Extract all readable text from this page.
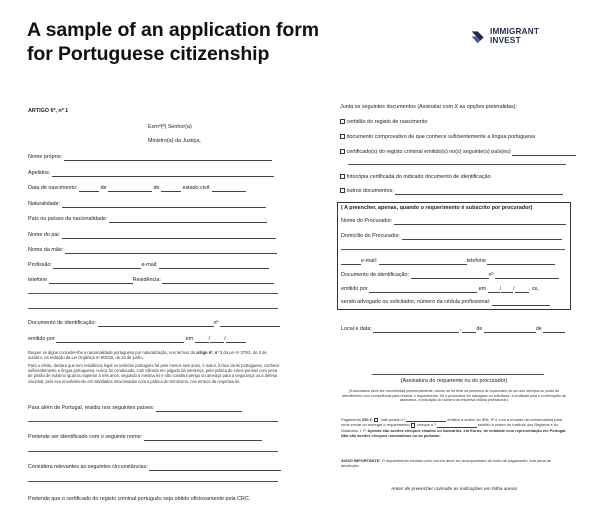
A sample of an application form
for Portuguese citizenship
IMMIGRANT
INVEST
ARTIGO 6º, nº 1
Exmº(ª) Senhor(a)
Ministro(a) da Justiça,
Nome próprio:
Apelidos:
Data de nascimento:	de	de	estado civil:
Naturalidade:
País ou países da nacionalidade:
Nome do pai:
Nome da mãe:
Profissão:	e-mail:
telefone	Residência:
Documento de identificação:	nº
emitido por	em	/	/
Requer se digne conceder-lhe a nacionalidade portuguesa por naturalização, nos termos do artigo 6º, nº 1 da Lei nº 37/81, de 3 de outubro, na redação da Lei Orgânica nº 8/2015, de 22 de junho.
Para o efeito, declara que tem residência legal no território português há pelo menos seis anos, é maior, à face da lei portuguesa, conhece suficientemente a língua portuguesa, nunca foi condenado, com trânsito em julgado da sentença, pela prática de crime punível com pena de prisão de máximo igual ou superior a três anos, segundo a mesma lei e não constitui perigo ou ameaça para a segurança ou a defesa nacional, pelo seu envolvimento em atividades relacionadas com a prática do terrorismo, nos termos da respetiva lei.
Para além de Portugal, residiu nos seguintes países:
Pretende ser identificado com o seguinte nome:
Considera relevantes as seguintes circunstâncias:
Pretende que o certificado do registo criminal português seja obtido oficiosamente pela CRC.
Junta os seguintes documentos (Assinalar com X as opções pretendidas):
certidão do registo de nascimento
documento comprovativo de que conhece suficientemente a língua portuguesa
certificado(s) do registo criminal emitido(s) no(s) seguinte(s) país(es)
fotocópia certificada do indicado documento de identificação
outros documentos:
( A preencher, apenas, quando o requerimento é subscrito por procurador)
Nome do Procurador:
Domicílio do Procurador:
e-mail:	telefone
Documento de identificação:	nº
emitido por	em	/ /	, os,
sendo advogado ou solicitador, número da cédula profissional:
Local e data:	,	de	de
(Assinatura do requerente ou do procurador)
(A assinatura deve ser reconhecida presencialmente, exceto se for feita na presença de funcionário de um dos serviços ou posto de atendimento com competência para receber o requerimento. Se o procurador for advogado ou solicitador, a profissão pela e confirmação da assinatura, a indicação do número da respetiva cédula profissional.)
Pagamento 250 €. Vale postal n.º	emitido à ordem do IRN, IP e com a morada da conservatória para onde enviar ou entregar o requerimento cheque n.º	emitido à ordem do Instituto dos Registos e do Notariado, I. P. Apenas são aceites cheques visados ou bancários, em Euros, de entidade com representação em Portugal. Não são aceites cheques nominativos ou ao portador.
AVISO IMPORTANTE: O requerimento enviado pelo correio deve ser acompanhado do meio de pagamento, sob pena de devolução
Antes de preencher consulte as indicações em folha anexa
